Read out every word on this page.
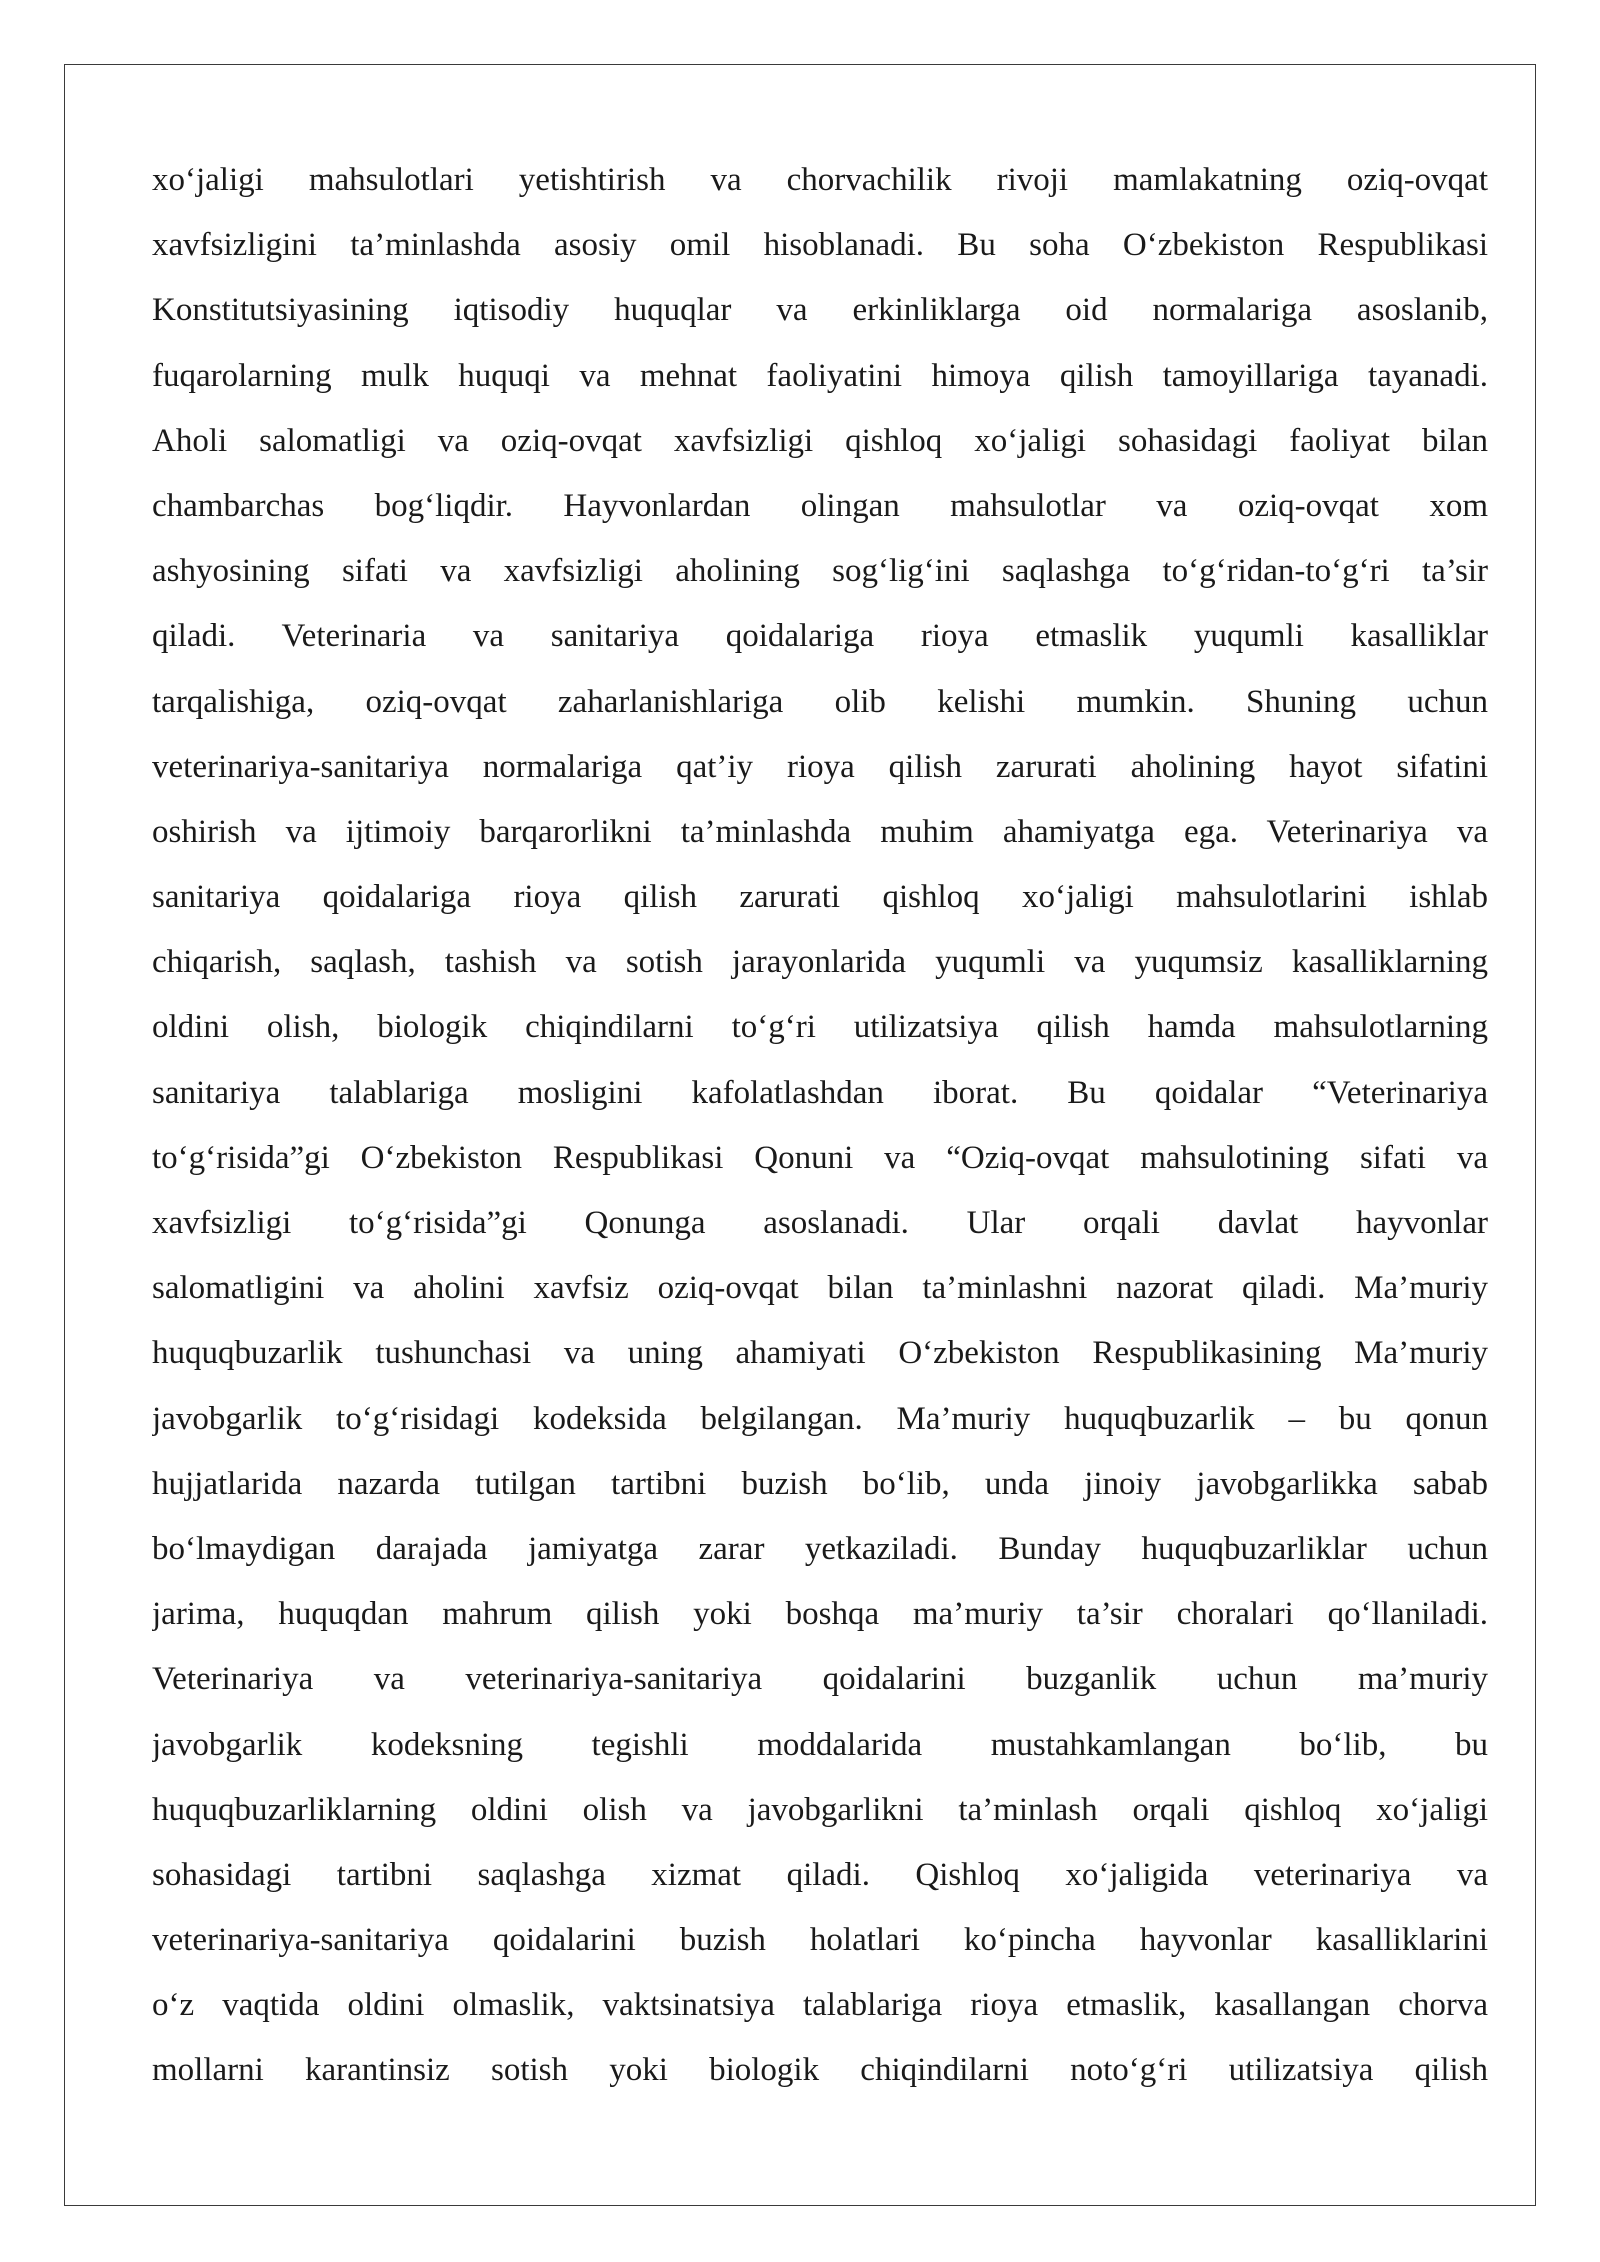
xo‘jaligi mahsulotlari yetishtirish va chorvachilik rivoji mamlakatning oziq-ovqat
xavfsizligini ta’minlashda asosiy omil hisoblanadi. Bu soha O‘zbekiston Respublikasi
Konstitutsiyasining iqtisodiy huquqlar va erkinliklarga oid normalariga asoslanib,
fuqarolarning mulk huquqi va mehnat faoliyatini himoya qilish tamoyillariga tayanadi.
Aholi salomatligi va oziq-ovqat xavfsizligi qishloq xo‘jaligi sohasidagi faoliyat bilan
chambarchas bog‘liqdir. Hayvonlardan olingan mahsulotlar va oziq-ovqat xom
ashyosining sifati va xavfsizligi aholining sog‘lig‘ini saqlashga to‘g‘ridan-to‘g‘ri ta’sir
qiladi. Veterinaria va sanitariya qoidalariga rioya etmaslik yuqumli kasalliklar
tarqalishiga, oziq-ovqat zaharlanishlariga olib kelishi mumkin. Shuning uchun
veterinariya-sanitariya normalariga qat’iy rioya qilish zarurati aholining hayot sifatini
oshirish va ijtimoiy barqarorlikni ta’minlashda muhim ahamiyatga ega. Veterinariya va
sanitariya qoidalariga rioya qilish zarurati qishloq xo‘jaligi mahsulotlarini ishlab
chiqarish, saqlash, tashish va sotish jarayonlarida yuqumli va yuqumsiz kasalliklarning
oldini olish, biologik chiqindilarni to‘g‘ri utilizatsiya qilish hamda mahsulotlarning
sanitariya talablariga mosligini kafolatlashdan iborat. Bu qoidalar “Veterinariya
to‘g‘risida”gi O‘zbekiston Respublikasi Qonuni va “Oziq-ovqat mahsulotining sifati va
xavfsizligi to‘g‘risida”gi Qonunga asoslanadi. Ular orqali davlat hayvonlar
salomatligini va aholini xavfsiz oziq-ovqat bilan ta’minlashni nazorat qiladi. Ma’muriy
huquqbuzarlik tushunchasi va uning ahamiyati O‘zbekiston Respublikasining Ma’muriy
javobgarlik to‘g‘risidagi kodeksida belgilangan. Ma’muriy huquqbuzarlik – bu qonun
hujjatlarida nazarda tutilgan tartibni buzish bo‘lib, unda jinoiy javobgarlikka sabab
bo‘lmaydigan darajada jamiyatga zarar yetkaziladi. Bunday huquqbuzarliklar uchun
jarima, huquqdan mahrum qilish yoki boshqa ma’muriy ta’sir choralari qo‘llaniladi.
Veterinariya va veterinariya-sanitariya qoidalarini buzganlik uchun ma’muriy
javobgarlik kodeksning tegishli moddalarida mustahkamlangan bo‘lib, bu
huquqbuzarliklarning oldini olish va javobgarlikni ta’minlash orqali qishloq xo‘jaligi
sohasidagi tartibni saqlashga xizmat qiladi. Qishloq xo‘jaligida veterinariya va
veterinariya-sanitariya qoidalarini buzish holatlari ko‘pincha hayvonlar kasalliklarini
o‘z vaqtida oldini olmaslik, vaktsinatsiya talablariga rioya etmaslik, kasallangan chorva
mollarni karantinsiz sotish yoki biologik chiqindilarni noto‘g‘ri utilizatsiya qilish
